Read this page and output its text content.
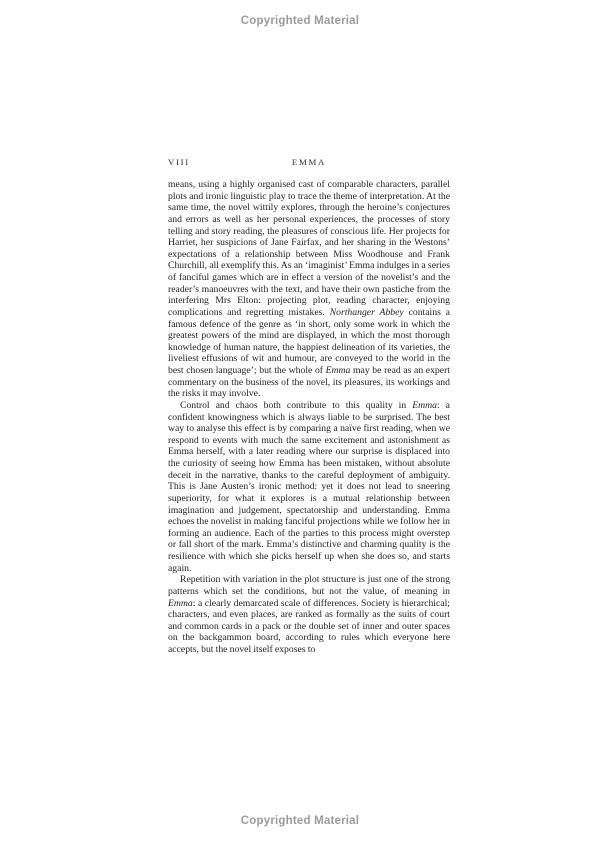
Copyrighted Material
VIII	EMMA

means, using a highly organised cast of comparable characters, parallel plots and ironic linguistic play to trace the theme of interpretation. At the same time, the novel wittily explores, through the heroine’s conjectures and errors as well as her personal experiences, the processes of story telling and story reading, the pleasures of conscious life. Her projects for Harriet, her suspicions of Jane Fairfax, and her sharing in the Westons’ expectations of a relationship between Miss Woodhouse and Frank Churchill, all exemplify this. As an ‘imaginist’ Emma indulges in a series of fanciful games which are in effect a version of the novelist’s and the reader’s manoeuvres with the text, and have their own pastiche from the interfering Mrs Elton: projecting plot, reading character, enjoying complications and regretting mistakes. Northanger Abbey contains a famous defence of the genre as ‘in short, only some work in which the greatest powers of the mind are displayed, in which the most thorough knowledge of human nature, the happiest delineation of its varieties, the liveliest effusions of wit and humour, are conveyed to the world in the best chosen language’; but the whole of Emma may be read as an expert commentary on the business of the novel, its pleasures, its workings and the risks it may involve.

Control and chaos both contribute to this quality in Emma: a confident knowingness which is always liable to be surprised. The best way to analyse this effect is by comparing a naïve first reading, when we respond to events with much the same excitement and astonishment as Emma herself, with a later reading where our surprise is displaced into the curiosity of seeing how Emma has been mistaken, without absolute deceit in the narrative, thanks to the careful deployment of ambiguity. This is Jane Austen’s ironic method: yet it does not lead to sneering superiority, for what it explores is a mutual relationship between imagination and judgement, spectatorship and understanding. Emma echoes the novelist in making fanciful projections while we follow her in forming an audience. Each of the parties to this process might overstep or fall short of the mark. Emma’s distinctive and charming quality is the resilience with which she picks herself up when she does so, and starts again.

Repetition with variation in the plot structure is just one of the strong patterns which set the conditions, but not the value, of meaning in Emma: a clearly demarcated scale of differences. Society is hierarchical; characters, and even places, are ranked as formally as the suits of court and common cards in a pack or the double set of inner and outer spaces on the backgammon board, according to rules which everyone here accepts, but the novel itself exposes to

Copyrighted Material
